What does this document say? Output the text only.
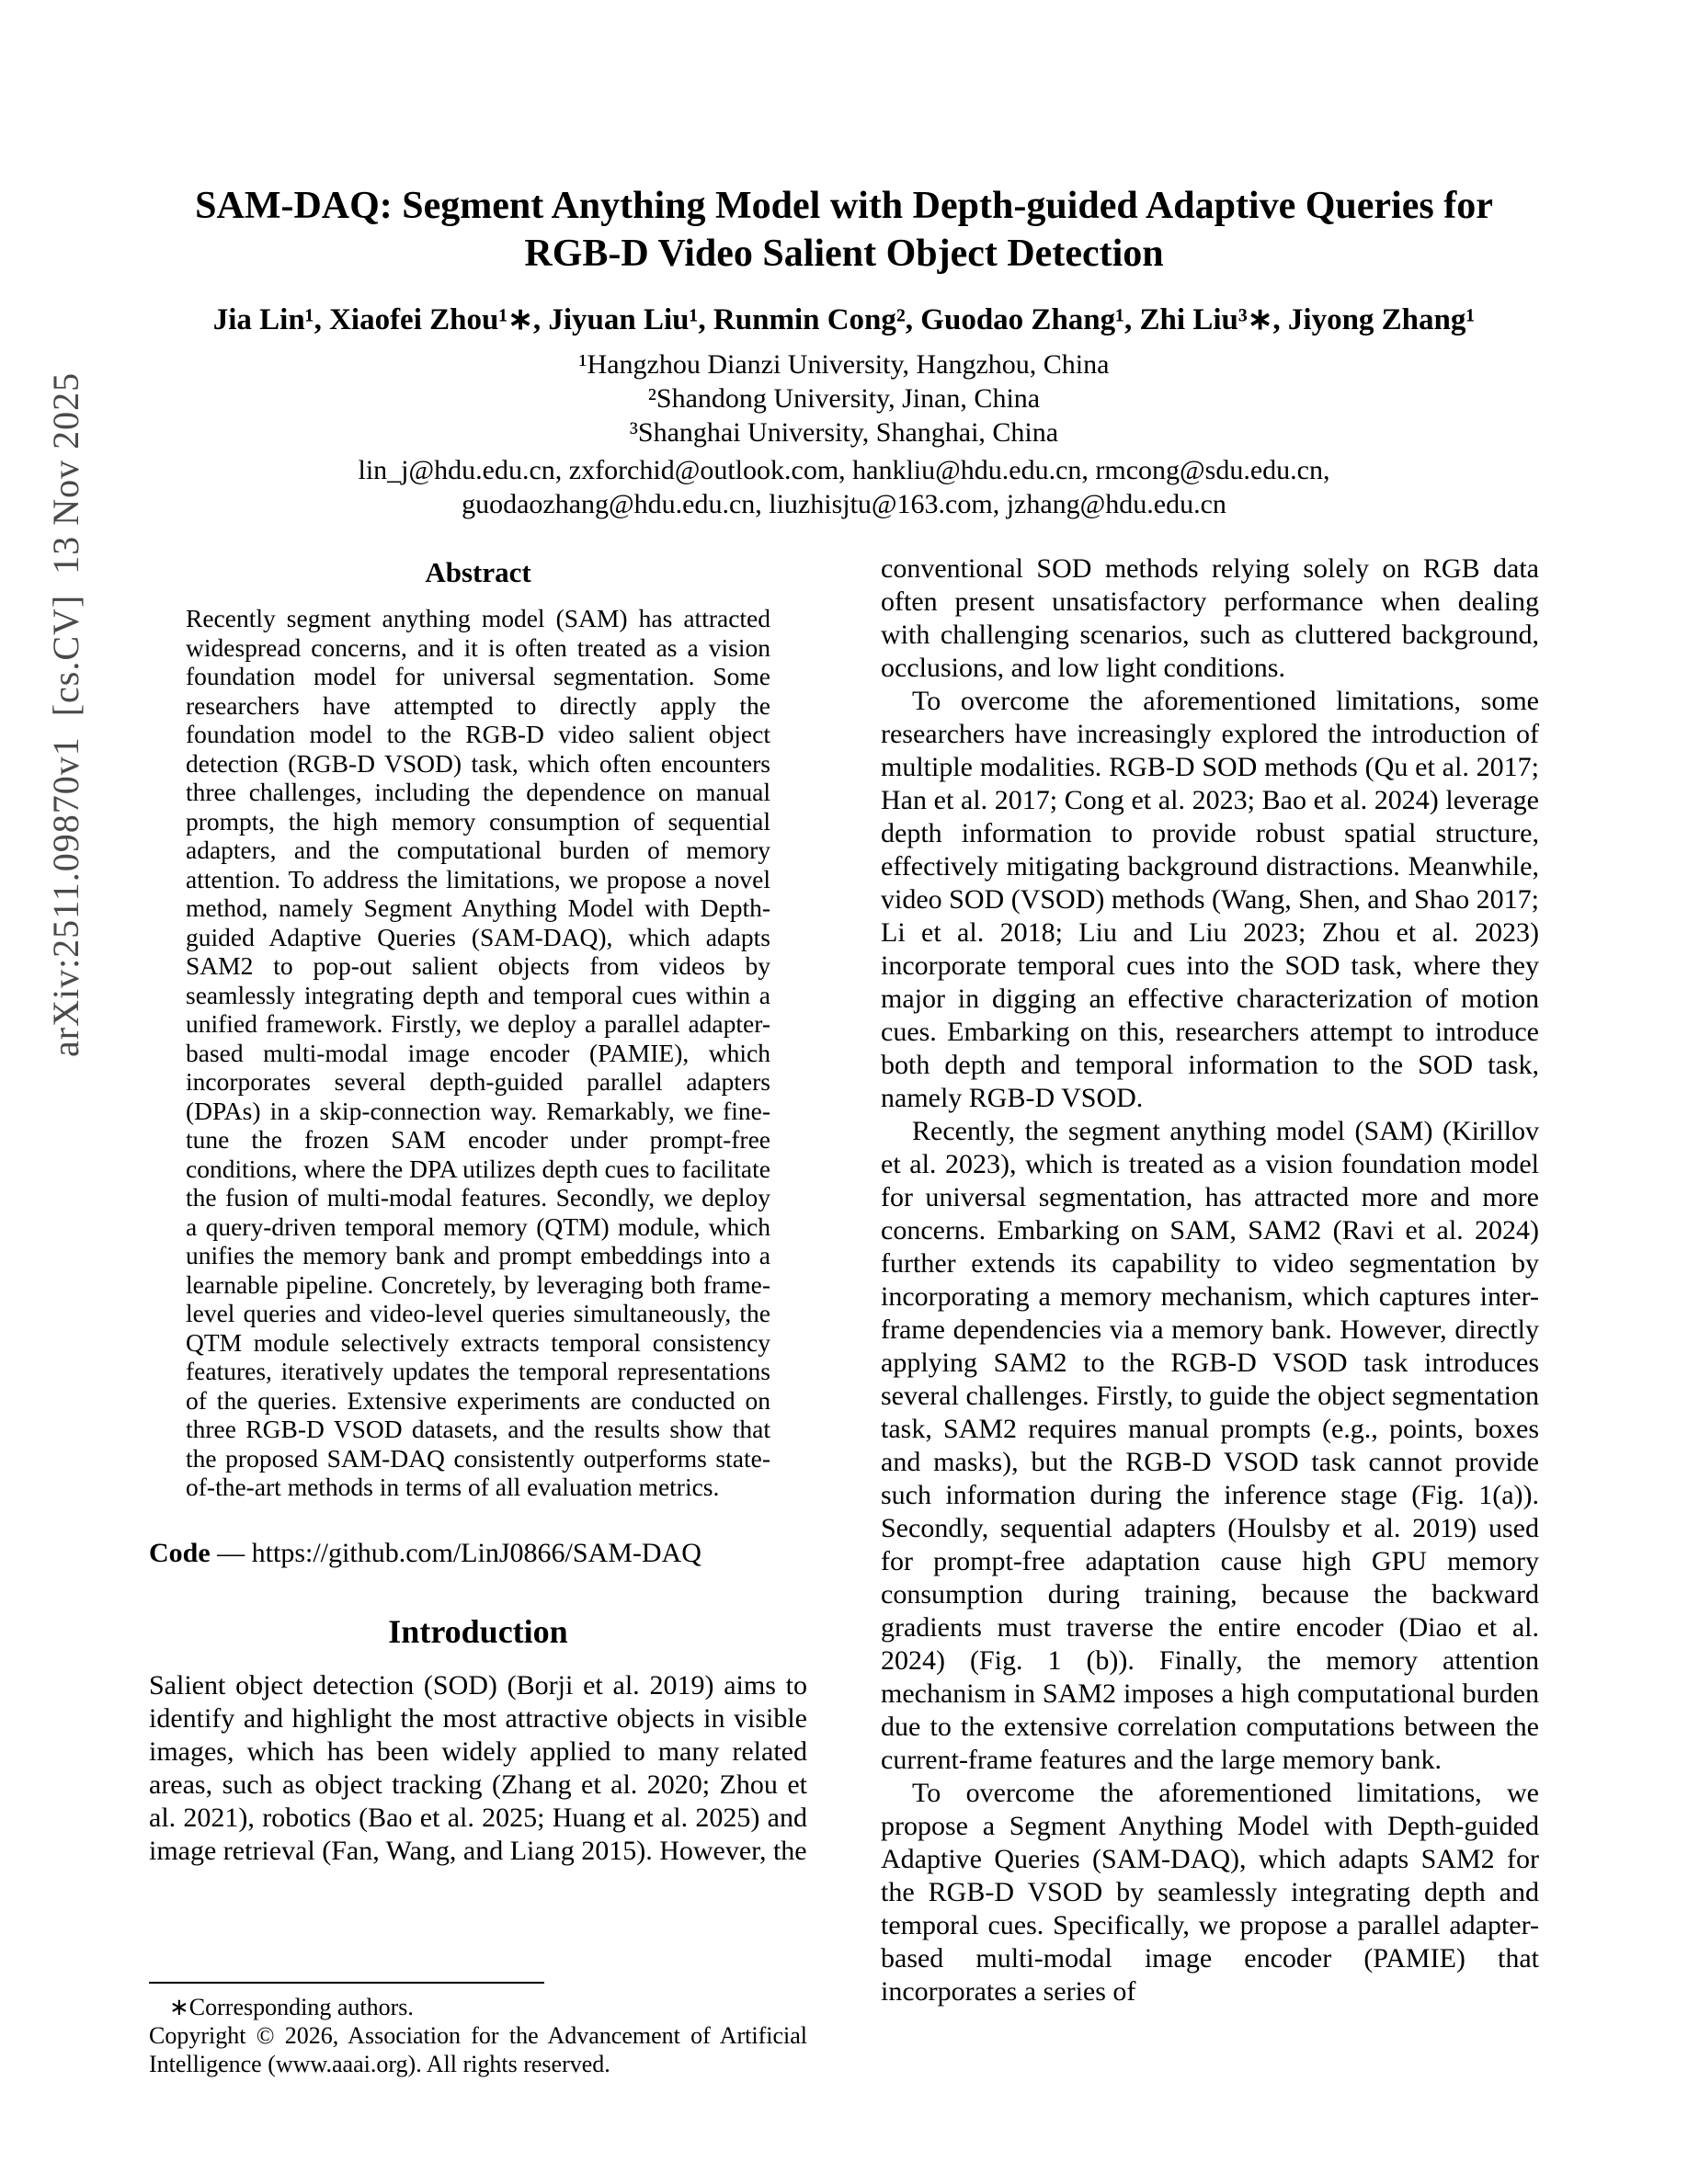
arXiv:2511.09870v1  [cs.CV]  13 Nov 2025
SAM-DAQ: Segment Anything Model with Depth-guided Adaptive Queries for
RGB-D Video Salient Object Detection
Jia Lin¹, Xiaofei Zhou¹∗, Jiyuan Liu¹, Runmin Cong², Guodao Zhang¹, Zhi Liu³∗, Jiyong Zhang¹
¹Hangzhou Dianzi University, Hangzhou, China
²Shandong University, Jinan, China
³Shanghai University, Shanghai, China
lin_j@hdu.edu.cn, zxforchid@outlook.com, hankliu@hdu.edu.cn, rmcong@sdu.edu.cn,
guodaozhang@hdu.edu.cn, liuzhisjtu@163.com, jzhang@hdu.edu.cn
Abstract

Recently segment anything model (SAM) has attracted widespread concerns, and it is often treated as a vision foundation model for universal segmentation. Some researchers have attempted to directly apply the foundation model to the RGB-D video salient object detection (RGB-D VSOD) task, which often encounters three challenges, including the dependence on manual prompts, the high memory consumption of sequential adapters, and the computational burden of memory attention. To address the limitations, we propose a novel method, namely Segment Anything Model with Depth-guided Adaptive Queries (SAM-DAQ), which adapts SAM2 to pop-out salient objects from videos by seamlessly integrating depth and temporal cues within a unified framework. Firstly, we deploy a parallel adapter-based multi-modal image encoder (PAMIE), which incorporates several depth-guided parallel adapters (DPAs) in a skip-connection way. Remarkably, we fine-tune the frozen SAM encoder under prompt-free conditions, where the DPA utilizes depth cues to facilitate the fusion of multi-modal features. Secondly, we deploy a query-driven temporal memory (QTM) module, which unifies the memory bank and prompt embeddings into a learnable pipeline. Concretely, by leveraging both frame-level queries and video-level queries simultaneously, the QTM module selectively extracts temporal consistency features, iteratively updates the temporal representations of the queries. Extensive experiments are conducted on three RGB-D VSOD datasets, and the results show that the proposed SAM-DAQ consistently outperforms state-of-the-art methods in terms of all evaluation metrics.

Code — https://github.com/LinJ0866/SAM-DAQ

Introduction

Salient object detection (SOD) (Borji et al. 2019) aims to identify and highlight the most attractive objects in visible images, which has been widely applied to many related areas, such as object tracking (Zhang et al. 2020; Zhou et al. 2021), robotics (Bao et al. 2025; Huang et al. 2025) and image retrieval (Fan, Wang, and Liang 2015). However, the

∗Corresponding authors.
Copyright © 2026, Association for the Advancement of Artificial Intelligence (www.aaai.org). All rights reserved.

conventional SOD methods relying solely on RGB data often present unsatisfactory performance when dealing with challenging scenarios, such as cluttered background, occlusions, and low light conditions.

To overcome the aforementioned limitations, some researchers have increasingly explored the introduction of multiple modalities. RGB-D SOD methods (Qu et al. 2017; Han et al. 2017; Cong et al. 2023; Bao et al. 2024) leverage depth information to provide robust spatial structure, effectively mitigating background distractions. Meanwhile, video SOD (VSOD) methods (Wang, Shen, and Shao 2017; Li et al. 2018; Liu and Liu 2023; Zhou et al. 2023) incorporate temporal cues into the SOD task, where they major in digging an effective characterization of motion cues. Embarking on this, researchers attempt to introduce both depth and temporal information to the SOD task, namely RGB-D VSOD.

Recently, the segment anything model (SAM) (Kirillov et al. 2023), which is treated as a vision foundation model for universal segmentation, has attracted more and more concerns. Embarking on SAM, SAM2 (Ravi et al. 2024) further extends its capability to video segmentation by incorporating a memory mechanism, which captures inter-frame dependencies via a memory bank. However, directly applying SAM2 to the RGB-D VSOD task introduces several challenges. Firstly, to guide the object segmentation task, SAM2 requires manual prompts (e.g., points, boxes and masks), but the RGB-D VSOD task cannot provide such information during the inference stage (Fig. 1(a)). Secondly, sequential adapters (Houlsby et al. 2019) used for prompt-free adaptation cause high GPU memory consumption during training, because the backward gradients must traverse the entire encoder (Diao et al. 2024) (Fig. 1 (b)). Finally, the memory attention mechanism in SAM2 imposes a high computational burden due to the extensive correlation computations between the current-frame features and the large memory bank.

To overcome the aforementioned limitations, we propose a Segment Anything Model with Depth-guided Adaptive Queries (SAM-DAQ), which adapts SAM2 for the RGB-D VSOD by seamlessly integrating depth and temporal cues. Specifically, we propose a parallel adapter-based multi-modal image encoder (PAMIE) that incorporates a series of
